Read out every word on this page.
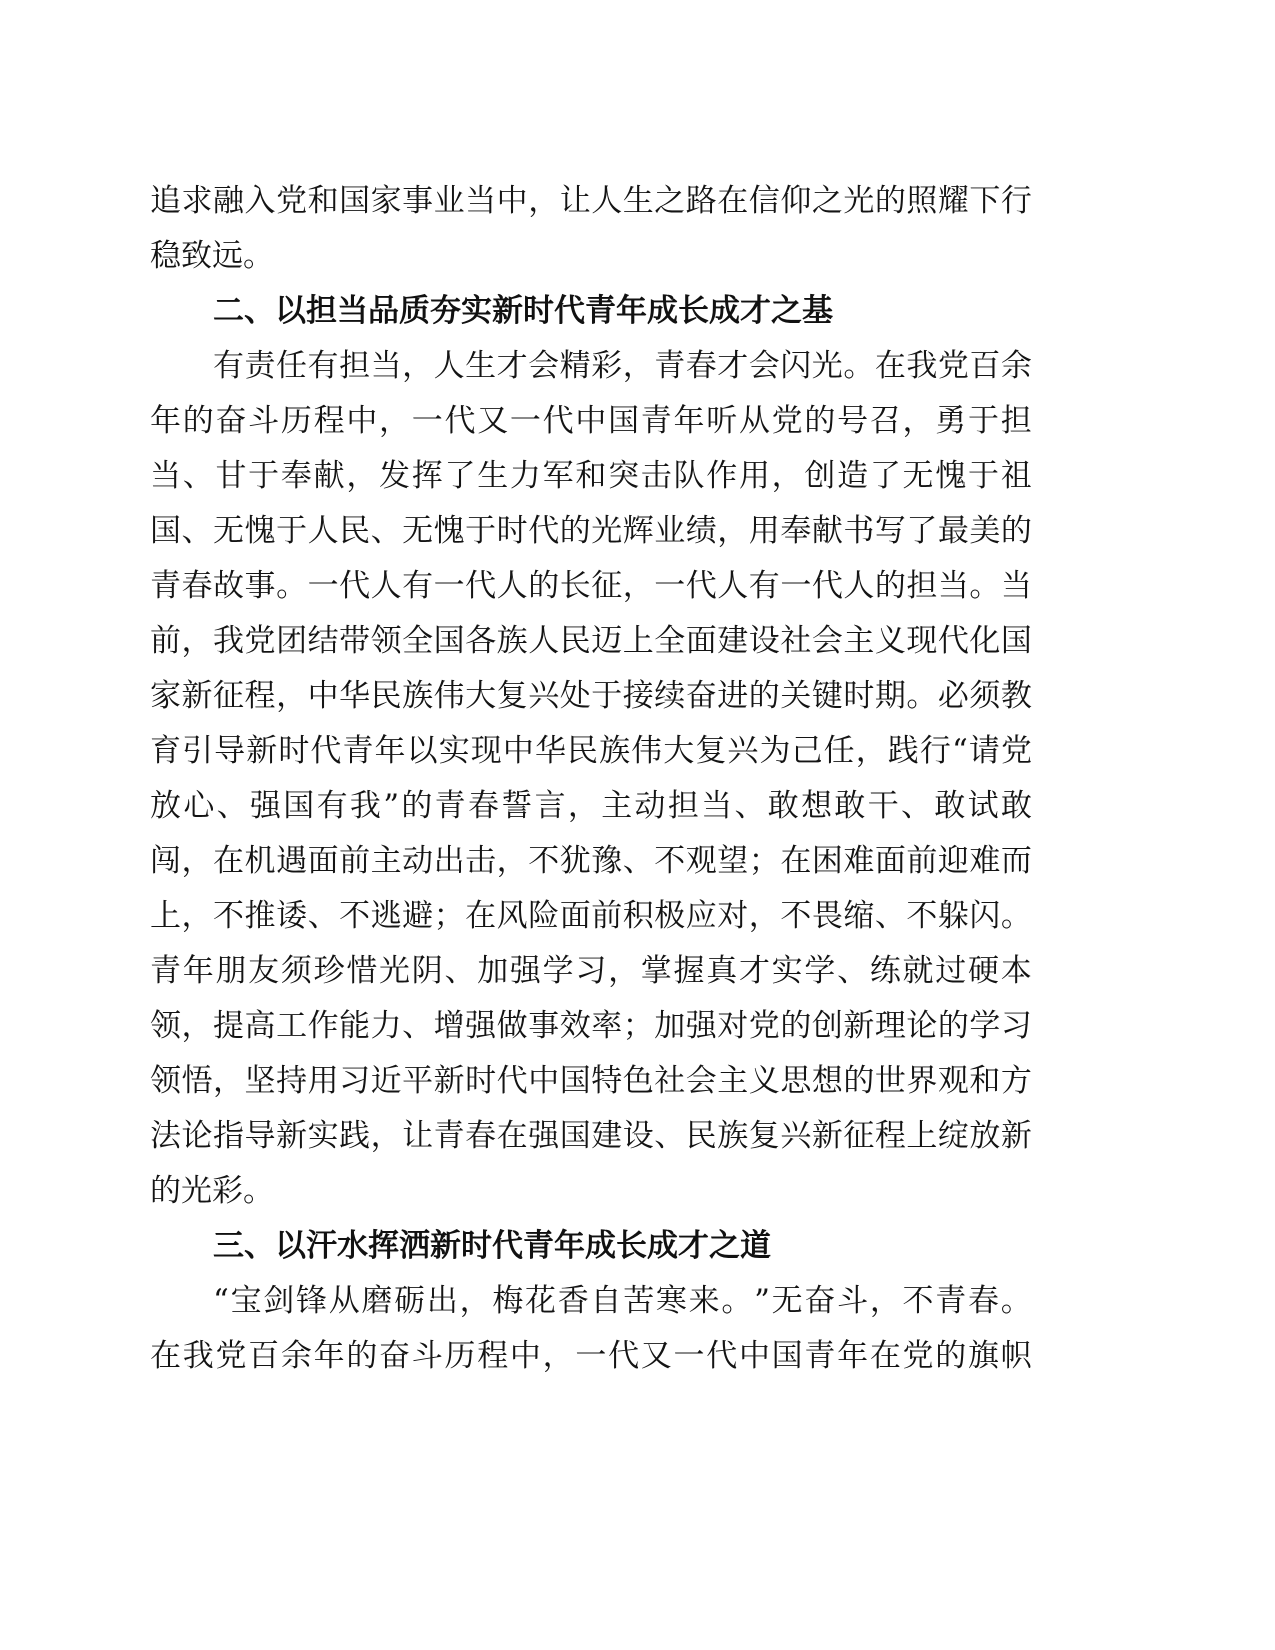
追 求 融 入 党 和 国 家 事 业 当 中 ， 让 人 生 之 路 在 信 仰 之 光 的 照 耀 下 行
稳致远。
二、以担当品质夯实新时代青年成长成才之基
有 责 任 有 担 当 ， 人 生 才 会 精 彩 ， 青 春 才 会 闪 光 。 在 我 党 百 余
年 的 奋 斗 历 程 中 ， 一 代 又 一 代 中 国 青 年 听 从 党 的 号 召 ， 勇 于 担
当 、 甘 于 奉 献 ， 发 挥 了 生 力 军 和 突 击 队 作 用 ， 创 造 了 无 愧 于 祖
国 、 无 愧 于 人 民 、 无 愧 于 时 代 的 光 辉 业 绩 ， 用 奉 献 书 写 了 最 美 的
青 春 故 事 。 一 代 人 有 一 代 人 的 长 征 ， 一 代 人 有 一 代 人 的 担 当 。 当
前 ， 我 党 团 结 带 领 全 国 各 族 人 民 迈 上 全 面 建 设 社 会 主 义 现 代 化 国
家 新 征 程 ， 中 华 民 族 伟 大 复 兴 处 于 接 续 奋 进 的 关 键 时 期 。 必 须 教
育 引 导 新 时 代 青 年 以 实 现 中 华 民 族 伟 大 复 兴 为 己 任 ， 践 行 “ 请 党
放 心 、 强 国 有 我 ” 的 青 春 誓 言 ， 主 动 担 当 、 敢 想 敢 干 、 敢 试 敢
闯 ， 在 机 遇 面 前 主 动 出 击 ， 不 犹 豫 、 不 观 望 ； 在 困 难 面 前 迎 难 而
上 ， 不 推 诿 、 不 逃 避 ； 在 风 险 面 前 积 极 应 对 ， 不 畏 缩 、 不 躲 闪 。
青 年 朋 友 须 珍 惜 光 阴 、 加 强 学 习 ， 掌 握 真 才 实 学 、 练 就 过 硬 本
领 ， 提 高 工 作 能 力 、 增 强 做 事 效 率 ； 加 强 对 党 的 创 新 理 论 的 学 习
领 悟 ， 坚 持 用 习 近 平 新 时 代 中 国 特 色 社 会 主 义 思 想 的 世 界 观 和 方
法 论 指 导 新 实 践 ， 让 青 春 在 强 国 建 设 、 民 族 复 兴 新 征 程 上 绽 放 新
的光彩。
三、以汗水挥洒新时代青年成长成才之道
“ 宝 剑 锋 从 磨 砺 出 ， 梅 花 香 自 苦 寒 来 。 ” 无 奋 斗 ， 不 青 春 。
在 我 党 百 余 年 的 奋 斗 历 程 中 ， 一 代 又 一 代 中 国 青 年 在 党 的 旗 帜
